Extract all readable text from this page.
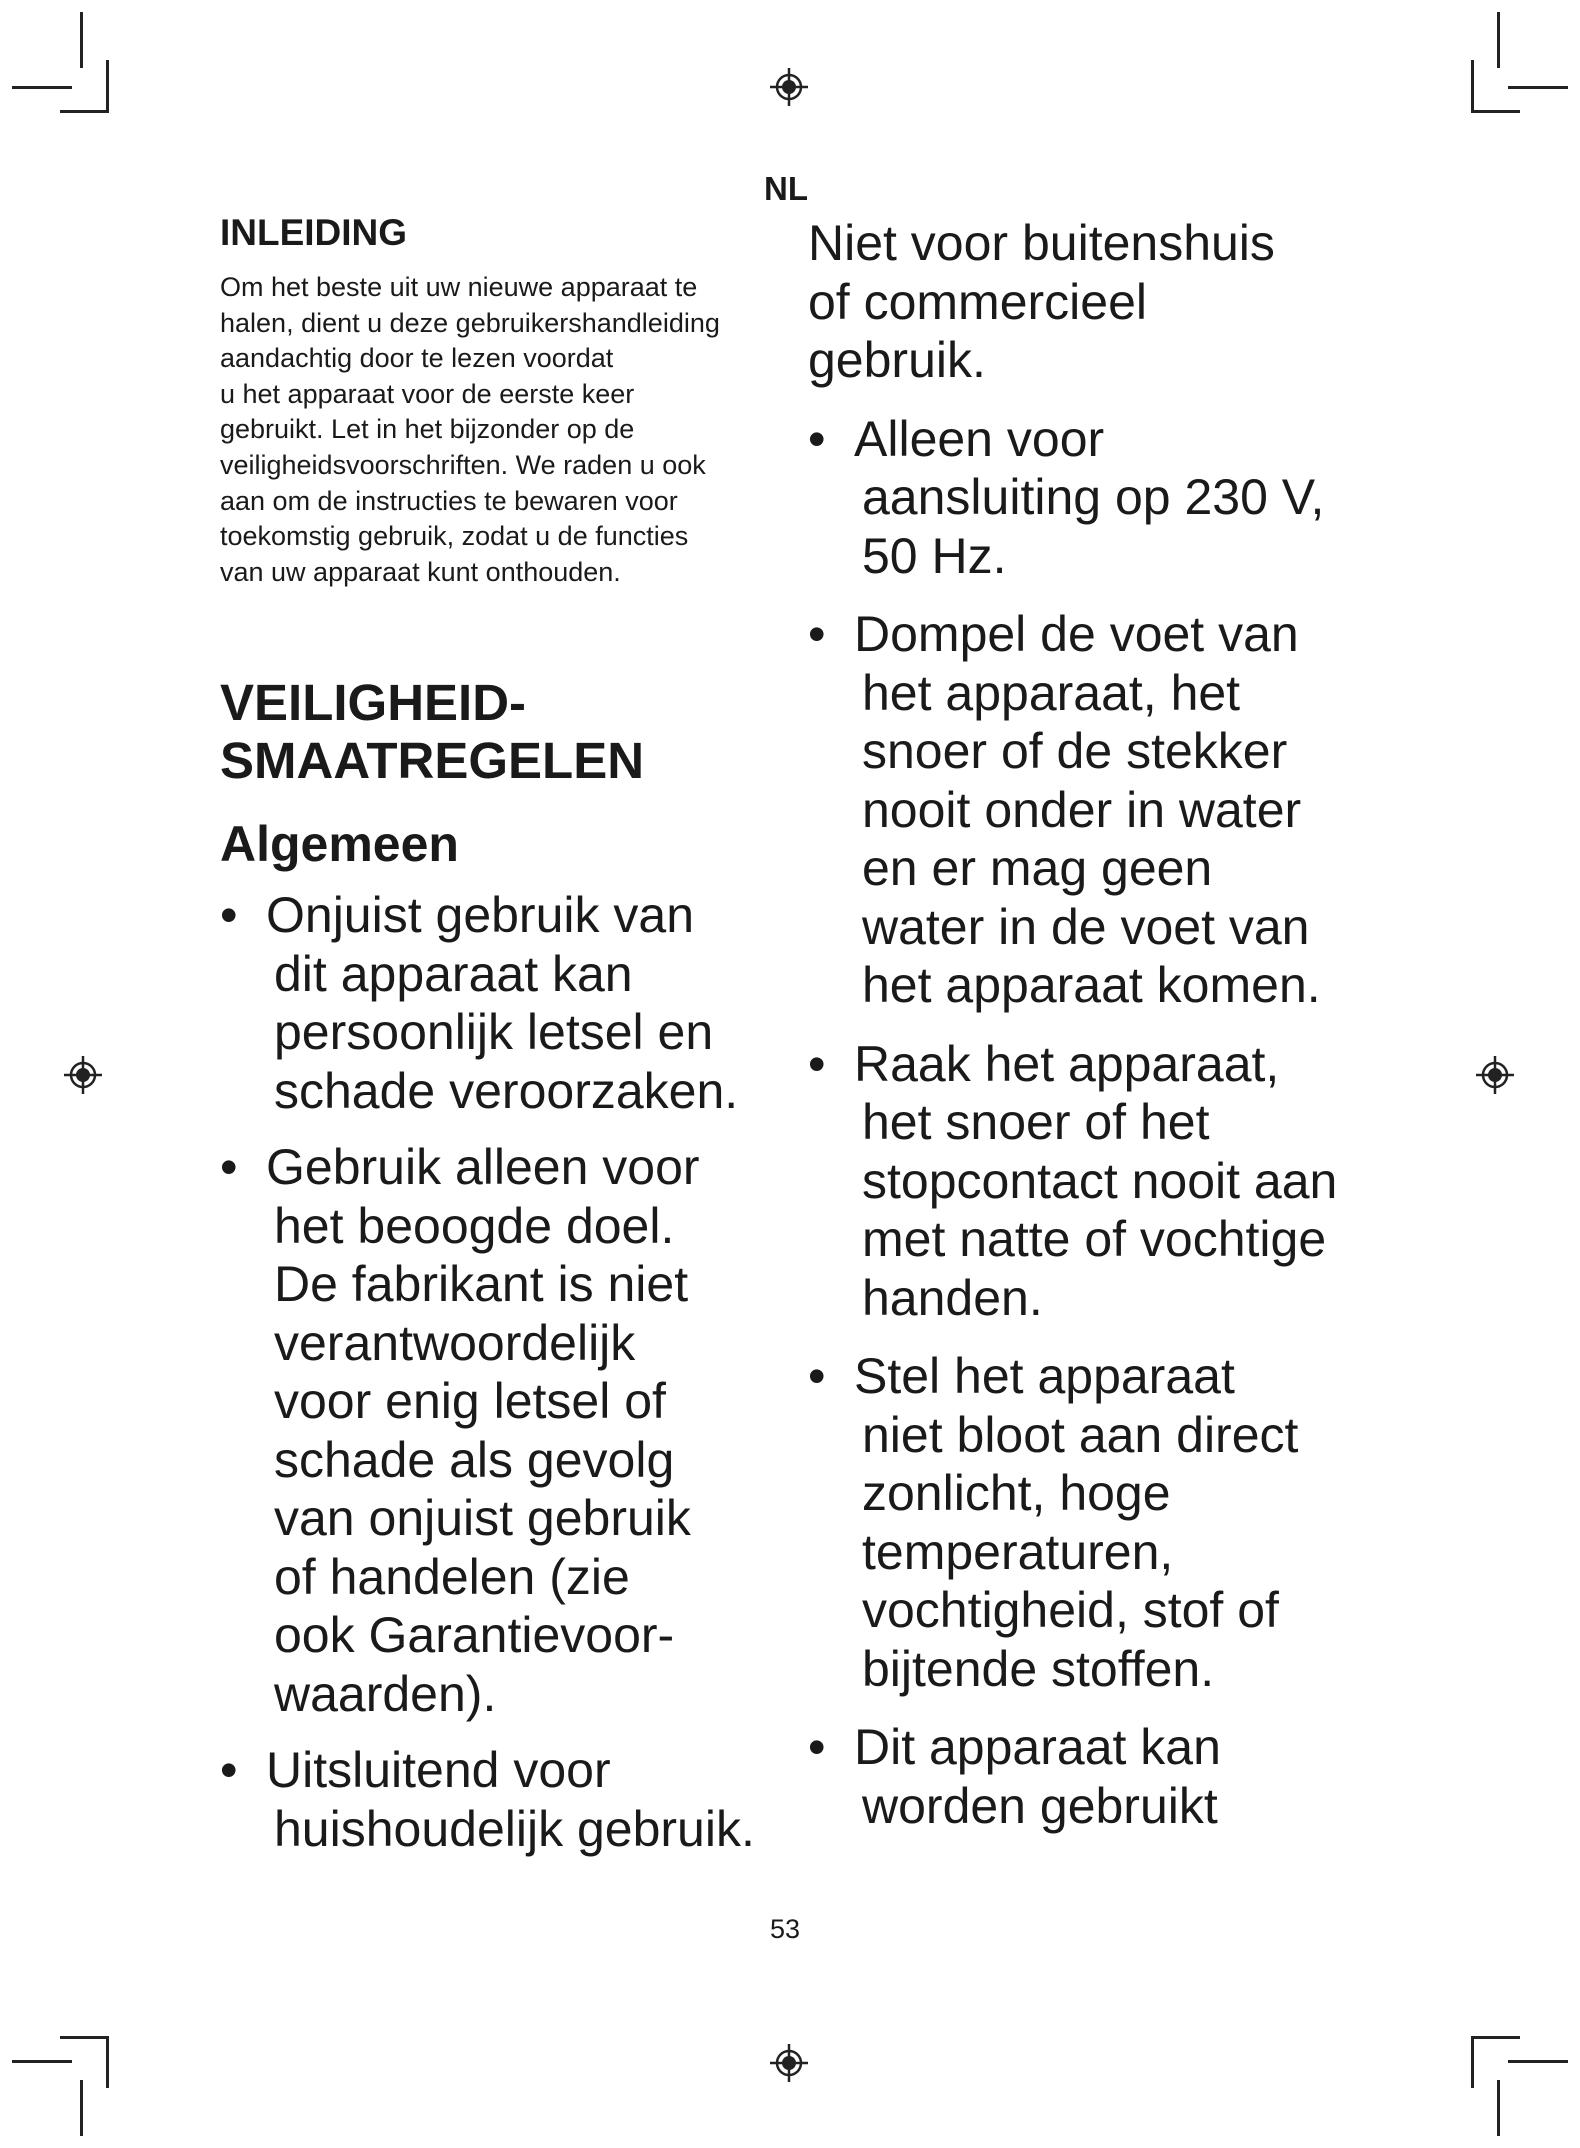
NL
INLEIDING

Om het beste uit uw nieuwe apparaat te
halen, dient u deze gebruikershandleiding
aandachtig door te lezen voordat
u het apparaat voor de eerste keer
gebruikt. Let in het bijzonder op de
veiligheidsvoorschriften. We raden u ook
aan om de instructies te bewaren voor
toekomstig gebruik, zodat u de functies
van uw apparaat kunt onthouden.

VEILIGHEID-
SMAATREGELEN
Algemeen
• Onjuist gebruik van
dit apparaat kan
persoonlijk letsel en
schade veroorzaken.
• Gebruik alleen voor
het beoogde doel.
De fabrikant is niet
verantwoordelijk
voor enig letsel of
schade als gevolg
van onjuist gebruik
of handelen (zie
ook Garantievoor-
waarden).
• Uitsluitend voor
huishoudelijk gebruik.
Niet voor buitenshuis
of commercieel
gebruik.
• Alleen voor
aansluiting op 230 V,
50 Hz.
• Dompel de voet van
het apparaat, het
snoer of de stekker
nooit onder in water
en er mag geen
water in de voet van
het apparaat komen.
• Raak het apparaat,
het snoer of het
stopcontact nooit aan
met natte of vochtige
handen.
• Stel het apparaat
niet bloot aan direct
zonlicht, hoge
temperaturen,
vochtigheid, stof of
bijtende stoffen.
• Dit apparaat kan
worden gebruikt
53
